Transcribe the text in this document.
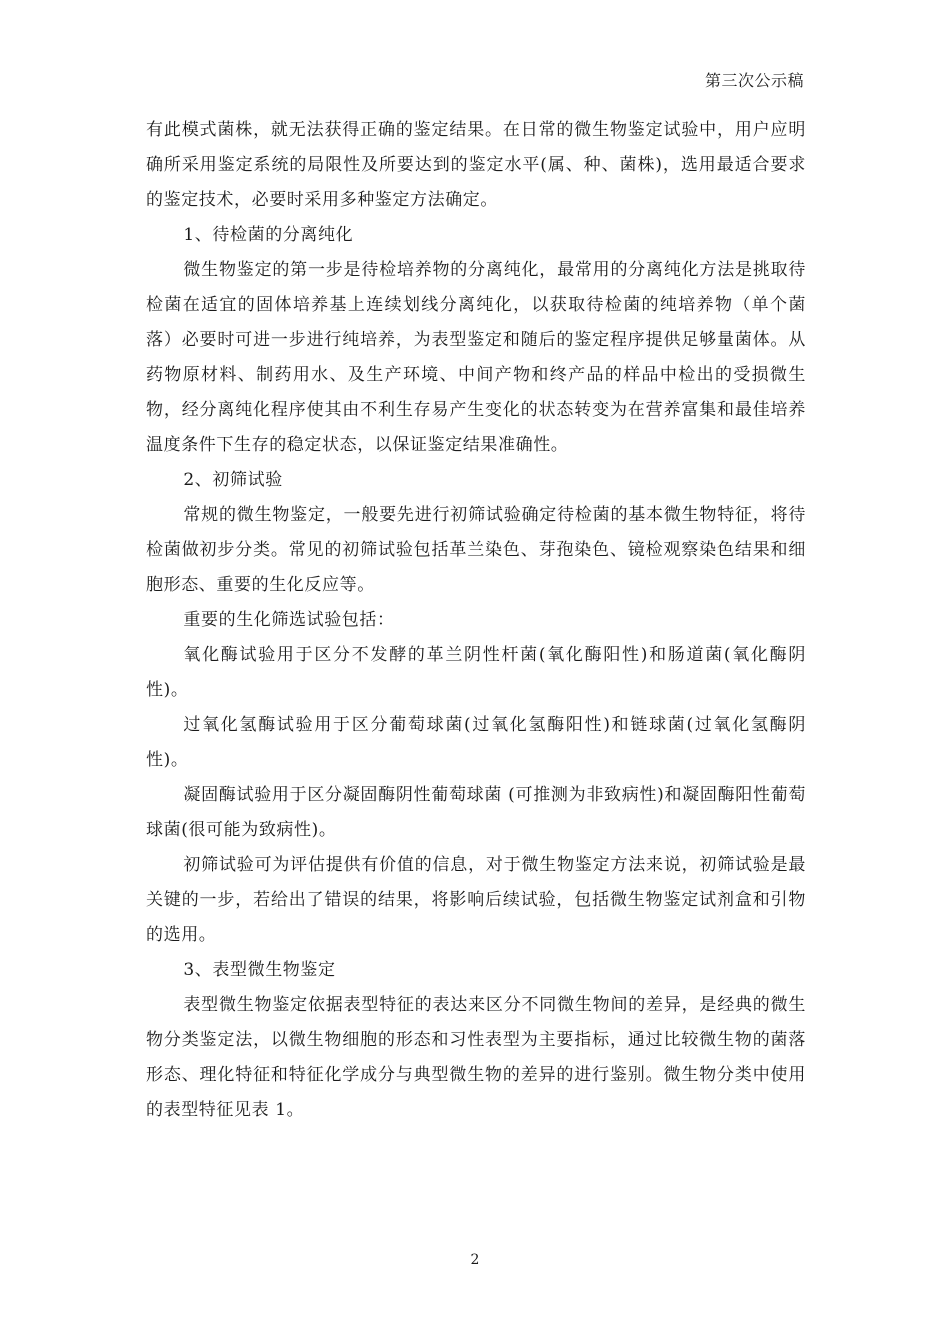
第三次公示稿

有此模式菌株，就无法获得正确的鉴定结果。在日常的微生物鉴定试验中，用户应明确所采用鉴定系统的局限性及所要达到的鉴定水平(属、种、菌株)，选用最适合要求的鉴定技术，必要时采用多种鉴定方法确定。

1、待检菌的分离纯化

微生物鉴定的第一步是待检培养物的分离纯化，最常用的分离纯化方法是挑取待检菌在适宜的固体培养基上连续划线分离纯化，以获取待检菌的纯培养物（单个菌落）必要时可进一步进行纯培养，为表型鉴定和随后的鉴定程序提供足够量菌体。从药物原材料、制药用水、及生产环境、中间产物和终产品的样品中检出的受损微生物，经分离纯化程序使其由不利生存易产生变化的状态转变为在营养富集和最佳培养温度条件下生存的稳定状态，以保证鉴定结果准确性。

2、初筛试验

常规的微生物鉴定，一般要先进行初筛试验确定待检菌的基本微生物特征，将待检菌做初步分类。常见的初筛试验包括革兰染色、芽孢染色、镜检观察染色结果和细胞形态、重要的生化反应等。

重要的生化筛选试验包括：

氧化酶试验用于区分不发酵的革兰阴性杆菌(氧化酶阳性)和肠道菌(氧化酶阴性)。

过氧化氢酶试验用于区分葡萄球菌(过氧化氢酶阳性)和链球菌(过氧化氢酶阴性)。

凝固酶试验用于区分凝固酶阴性葡萄球菌 (可推测为非致病性)和凝固酶阳性葡萄球菌(很可能为致病性)。

初筛试验可为评估提供有价值的信息，对于微生物鉴定方法来说，初筛试验是最关键的一步，若给出了错误的结果，将影响后续试验，包括微生物鉴定试剂盒和引物的选用。

3、表型微生物鉴定

表型微生物鉴定依据表型特征的表达来区分不同微生物间的差异，是经典的微生物分类鉴定法，以微生物细胞的形态和习性表型为主要指标，通过比较微生物的菌落形态、理化特征和特征化学成分与典型微生物的差异的进行鉴别。微生物分类中使用的表型特征见表 1。

2
